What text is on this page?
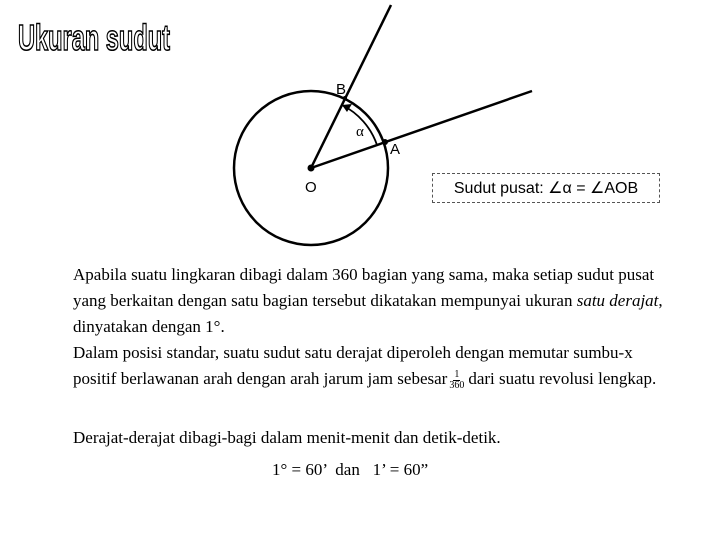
Ukuran sudut
B
A
O
α
Sudut pusat: ∠α = ∠AOB

Apabila suatu lingkaran dibagi dalam 360 bagian yang sama, maka setiap sudut pusat yang berkaitan dengan satu bagian tersebut dikatakan mempunyai ukuran satu derajat, dinyatakan dengan 1°.

Dalam posisi standar, suatu sudut satu derajat diperoleh dengan memutar sumbu-x positif berlawanan arah dengan arah jarum jam sebesar $\frac{1}{360}$ dari suatu revolusi lengkap.

Derajat-derajat dibagi-bagi dalam menit-menit dan detik-detik.

1° = 60’  dan   1’ = 60”
